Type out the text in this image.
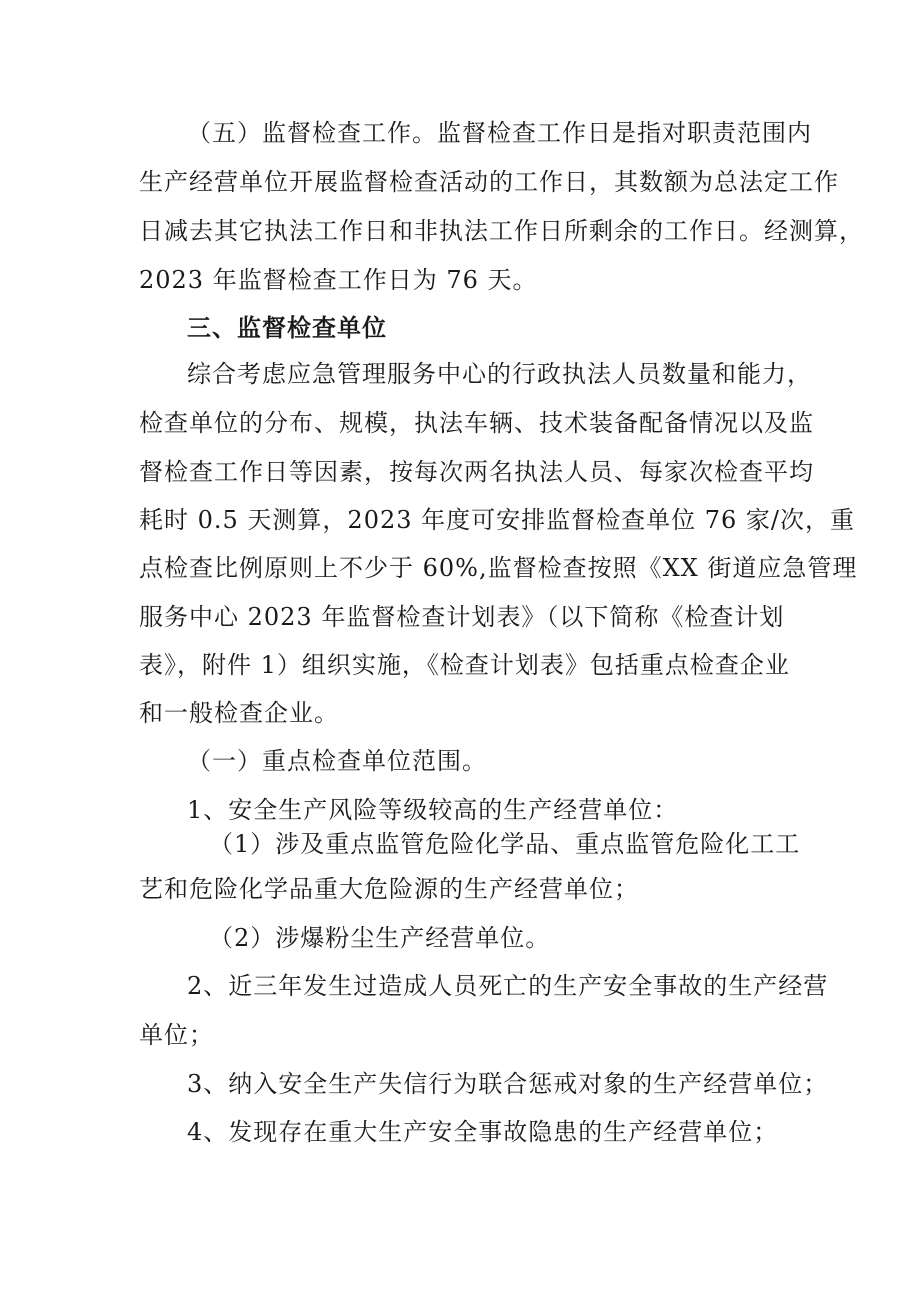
（五）监督检查工作。监督检查工作日是指对职责范围内
生产经营单位开展监督检查活动的工作日，其数额为总法定工作
日减去其它执法工作日和非执法工作日所剩余的工作日。经测算，
2023 年监督检查工作日为 76 天。
三、监督检查单位
综合考虑应急管理服务中心的行政执法人员数量和能力，
检查单位的分布、规模，执法车辆、技术装备配备情况以及监
督检查工作日等因素，按每次两名执法人员、每家次检查平均
耗时 0.5 天测算，2023 年度可安排监督检查单位 76 家/次，重
点检查比例原则上不少于 60%,监督检查按照《XX 街道应急管理
服务中心 2023 年监督检查计划表》（以下简称《检查计划
表》，附件 1）组织实施，《检查计划表》包括重点检查企业
和一般检查企业。
（一）重点检查单位范围。
1、安全生产风险等级较高的生产经营单位：
（1）涉及重点监管危险化学品、重点监管危险化工工
艺和危险化学品重大危险源的生产经营单位；
（2）涉爆粉尘生产经营单位。
2、近三年发生过造成人员死亡的生产安全事故的生产经营
单位；
3、纳入安全生产失信行为联合惩戒对象的生产经营单位；
4、发现存在重大生产安全事故隐患的生产经营单位；
